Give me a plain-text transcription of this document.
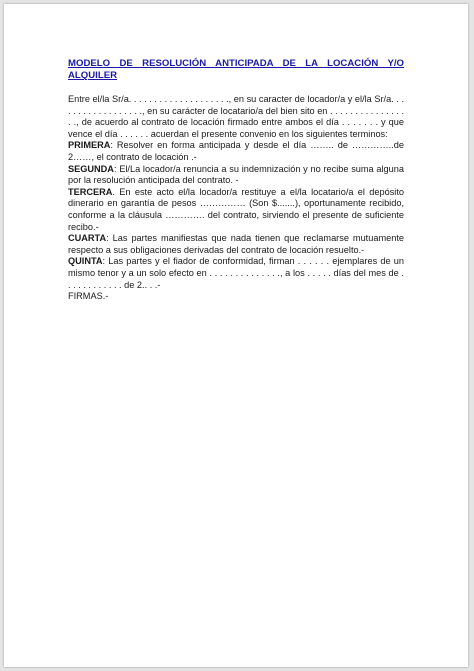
MODELO DE RESOLUCIÓN ANTICIPADA DE LA LOCACIÓN Y/O
ALQUILER

Entre el/la Sr/a. . . . . . . . . . . . . . . . . . . ., en su caracter de locador/a y el/la Sr/a. . . . . . . . . . . . . . . . . ., en su carácter de locatario/a del bien sito en . . . . . . . . . . . . . . . . ., de acuerdo al contrato de locación firmado entre ambos el día . . . . . . . y que vence el día . . . . . . acuerdan el presente convenio en los siguientes terminos:

PRIMERA: Resolver en forma anticipada y desde el día …….. de …………..de 2……, el contrato de locación .-

SEGUNDA: El/La locador/a renuncia a su indemnización y no recibe suma alguna por la resolución anticipada del contrato. -

TERCERA. En este acto el/la locador/a restituye a el/la locatario/a el depósito dinerario en garantía de pesos …………… (Son $.......), oportunamente recibido, conforme a la cláusula …………. del contrato, sirviendo el presente de suficiente recibo.-

CUARTA: Las partes manifiestas que nada tienen que reclamarse mutuamente respecto a sus obligaciones derivadas del contrato de locación resuelto.-

QUINTA: Las partes y el fiador de conformidad, firman . . . . . . ejemplares de un mismo tenor y a un solo efecto en . . . . . . . . . . . . . ., a los . . . . . días del mes de . . . . . . . . . . . . de 2.. . .-

FIRMAS.-
